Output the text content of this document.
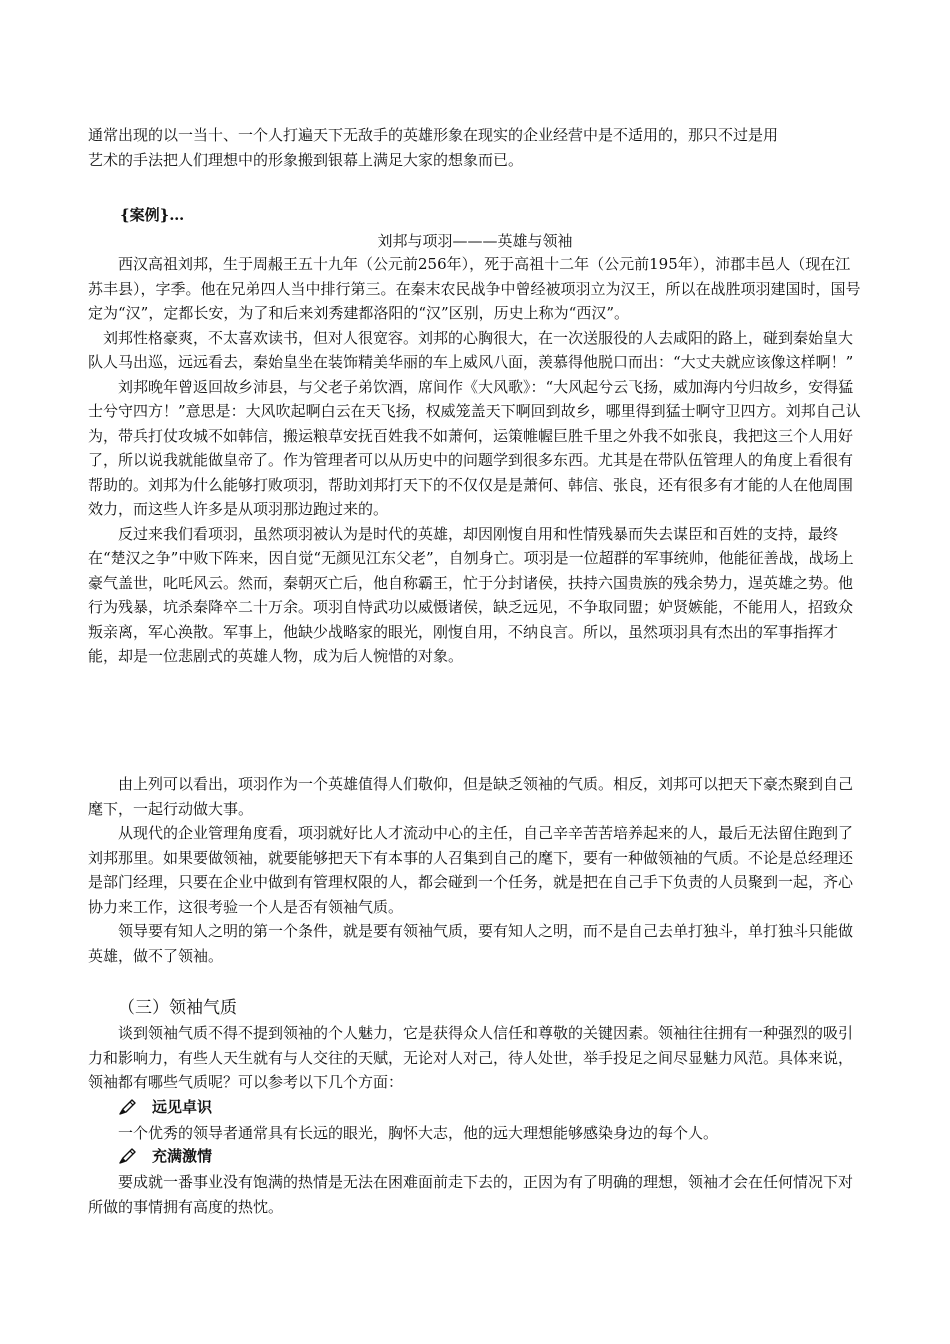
通常出现的以一当十、一个人打遍天下无敌手的英雄形象在现实的企业经营中是不适用的，那只不过是用
艺术的手法把人们理想中的形象搬到银幕上满足大家的想象而已。
{案例}…
刘邦与项羽———英雄与领袖

西汉高祖刘邦，生于周赧王五十九年（公元前256年），死于高祖十二年（公元前195年），沛郡丰邑人（现在江苏丰县），字季。他在兄弟四人当中排行第三。在秦末农民战争中曾经被项羽立为汉王，所以在战胜项羽建国时，国号定为“汉”，定都长安，为了和后来刘秀建都洛阳的“汉”区别，历史上称为“西汉”。

刘邦性格豪爽，不太喜欢读书，但对人很宽容。刘邦的心胸很大，在一次送服役的人去咸阳的路上，碰到秦始皇大队人马出巡，远远看去，秦始皇坐在装饰精美华丽的车上威风八面，羡慕得他脱口而出：“大丈夫就应该像这样啊！”

刘邦晚年曾返回故乡沛县，与父老子弟饮酒，席间作《大风歌》：“大风起兮云飞扬，威加海内兮归故乡，安得猛士兮守四方！”意思是：大风吹起啊白云在天飞扬，权威笼盖天下啊回到故乡，哪里得到猛士啊守卫四方。刘邦自己认为，带兵打仗攻城不如韩信，搬运粮草安抚百姓我不如萧何，运策帷幄巨胜千里之外我不如张良，我把这三个人用好了，所以说我就能做皇帝了。作为管理者可以从历史中的问题学到很多东西。尤其是在带队伍管理人的角度上看很有帮助的。刘邦为什么能够打败项羽，帮助刘邦打天下的不仅仅是是萧何、韩信、张良，还有很多有才能的人在他周围效力，而这些人许多是从项羽那边跑过来的。

反过来我们看项羽，虽然项羽被认为是时代的英雄，却因刚愎自用和性情残暴而失去谋臣和百姓的支持，最终在“楚汉之争”中败下阵来，因自觉“无颜见江东父老”，自刎身亡。项羽是一位超群的军事统帅，他能征善战，战场上豪气盖世，叱吒风云。然而，秦朝灭亡后，他自称霸王，忙于分封诸侯，扶持六国贵族的残余势力，逞英雄之势。他行为残暴，坑杀秦降卒二十万余。项羽自恃武功以威慑诸侯，缺乏远见，不争取同盟；妒贤嫉能，不能用人，招致众叛亲离，军心涣散。军事上，他缺少战略家的眼光，刚愎自用，不纳良言。所以，虽然项羽具有杰出的军事指挥才能，却是一位悲剧式的英雄人物，成为后人惋惜的对象。

由上列可以看出，项羽作为一个英雄值得人们敬仰，但是缺乏领袖的气质。相反，刘邦可以把天下豪杰聚到自己麾下，一起行动做大事。

从现代的企业管理角度看，项羽就好比人才流动中心的主任，自己辛辛苦苦培养起来的人，最后无法留住跑到了刘邦那里。如果要做领袖，就要能够把天下有本事的人召集到自己的麾下，要有一种做领袖的气质。不论是总经理还是部门经理，只要在企业中做到有管理权限的人，都会碰到一个任务，就是把在自己手下负责的人员聚到一起，齐心协力来工作，这很考验一个人是否有领袖气质。

领导要有知人之明的第一个条件，就是要有领袖气质，要有知人之明，而不是自己去单打独斗，单打独斗只能做英雄，做不了领袖。

（三）领袖气质

谈到领袖气质不得不提到领袖的个人魅力，它是获得众人信任和尊敬的关键因素。领袖往往拥有一种强烈的吸引力和影响力，有些人天生就有与人交往的天赋，无论对人对己，待人处世，举手投足之间尽显魅力风范。具体来说，领袖都有哪些气质呢？可以参考以下几个方面：

远见卓识

一个优秀的领导者通常具有长远的眼光，胸怀大志，他的远大理想能够感染身边的每个人。

充满激情

要成就一番事业没有饱满的热情是无法在困难面前走下去的，正因为有了明确的理想，领袖才会在任何情况下对所做的事情拥有高度的热忱。
